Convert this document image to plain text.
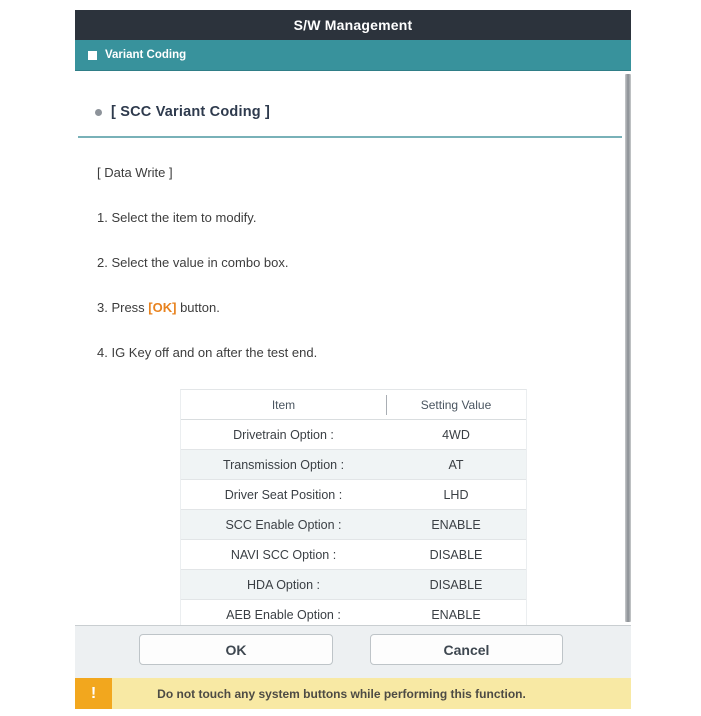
S/W Management
Variant Coding
[ SCC Variant Coding ]
[ Data Write ]
1. Select the item to modify.
2. Select the value in combo box.
3. Press [OK] button.
4. IG Key off and on after the test end.
Item	Setting Value
Drivetrain Option :	4WD
Transmission Option :	AT
Driver Seat Position :	LHD
SCC Enable Option :	ENABLE
NAVI SCC Option :	DISABLE
HDA Option :	DISABLE
AEB Enable Option :	ENABLE
OK	Cancel
!	Do not touch any system buttons while performing this function.
